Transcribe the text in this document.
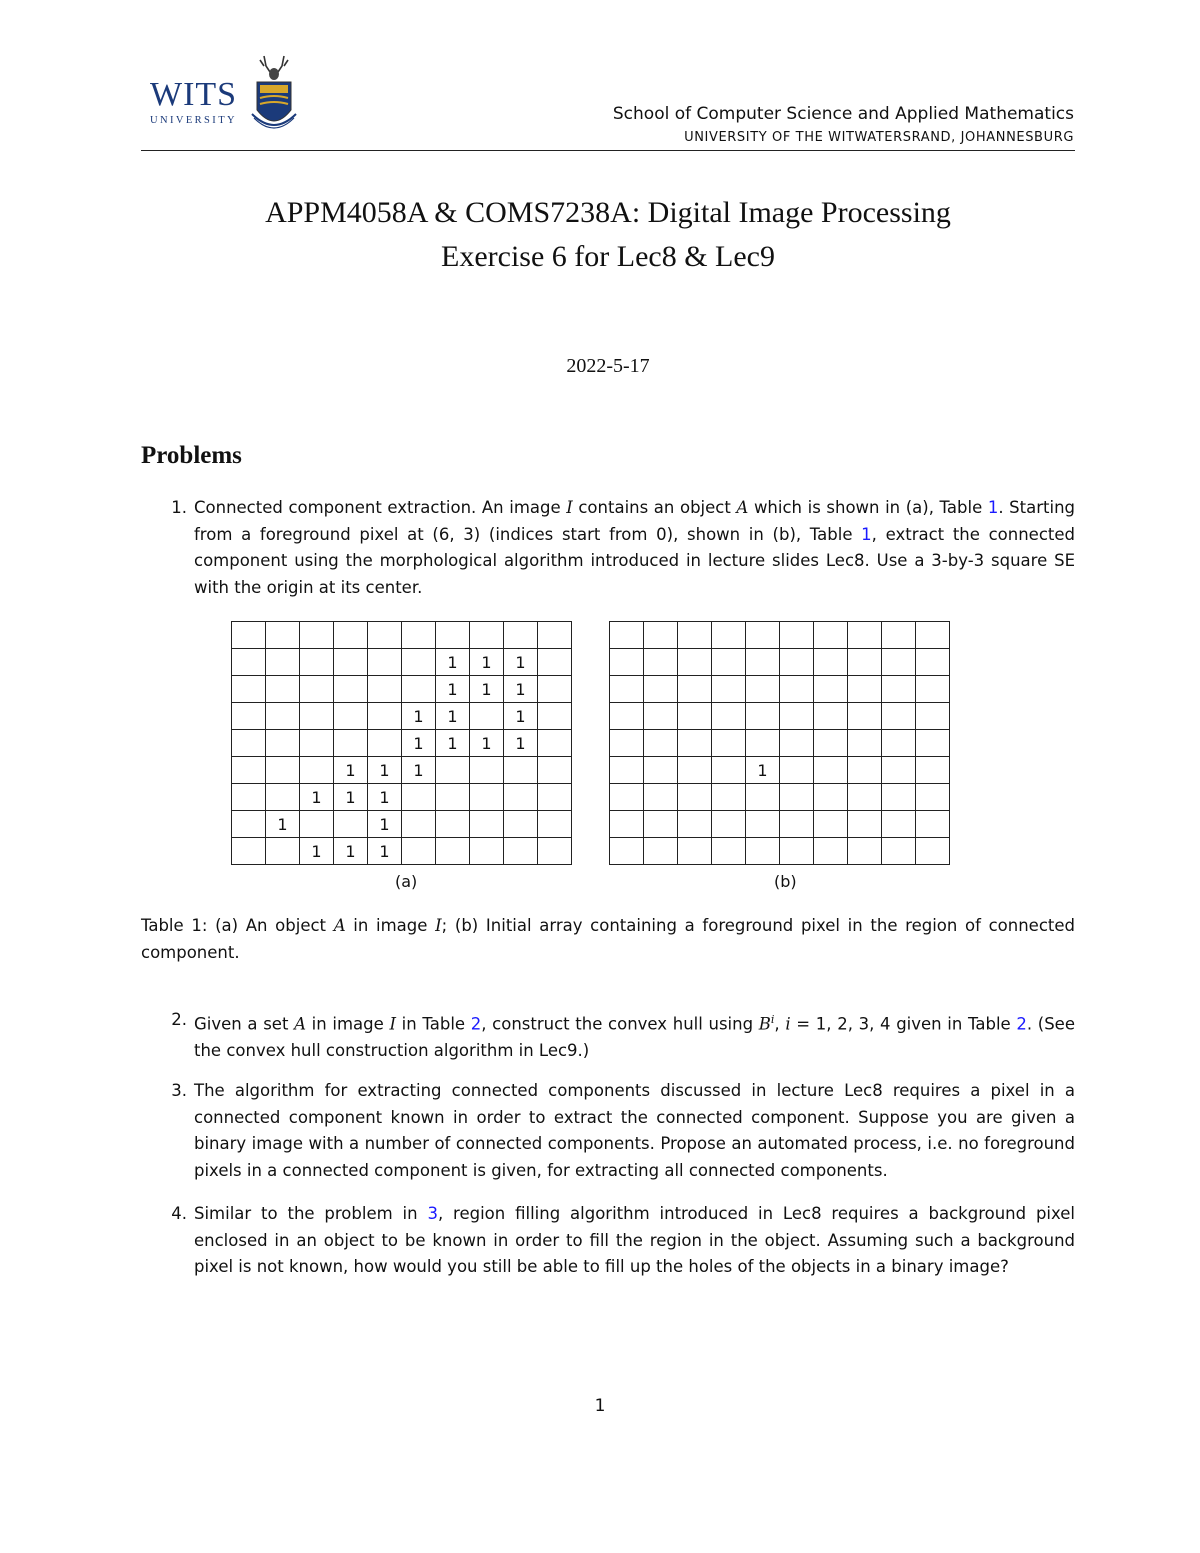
WITS
UNIVERSITY	School of Computer Science and Applied Mathematics
UNIVERSITY OF THE WITWATERSRAND, JOHANNESBURG
APPM4058A & COMS7238A: Digital Image Processing
Exercise 6 for Lec8 & Lec9
2022-5-17
Problems
1. Connected component extraction. An image I contains an object A which is shown in (a), Table 1. Starting from a foreground pixel at (6, 3) (indices start from 0), shown in (b), Table 1, extract the connected component using the morphological algorithm introduced in lecture slides Lec8. Use a 3-by-3 square SE with the origin at its center.

						1	1	1	
						1	1	1	
					1	1		1	
					1	1	1	1	
			1	1	1				
		1	1	1					
	1			1					
		1	1	1					
(a)

				1					

(b)
Table 1: (a) An object A in image I; (b) Initial array containing a foreground pixel in the region of connected component.
2. Given a set A in image I in Table 2, construct the convex hull using $B^i$, i = 1, 2, 3, 4 given in Table 2. (See the convex hull construction algorithm in Lec9.)
3. The algorithm for extracting connected components discussed in lecture Lec8 requires a pixel in a connected component known in order to extract the connected component. Suppose you are given a binary image with a number of connected components. Propose an automated process, i.e. no foreground pixels in a connected component is given, for extracting all connected components.
4. Similar to the problem in 3, region filling algorithm introduced in Lec8 requires a background pixel enclosed in an object to be known in order to fill the region in the object. Assuming such a background pixel is not known, how would you still be able to fill up the holes of the objects in a binary image?
1
